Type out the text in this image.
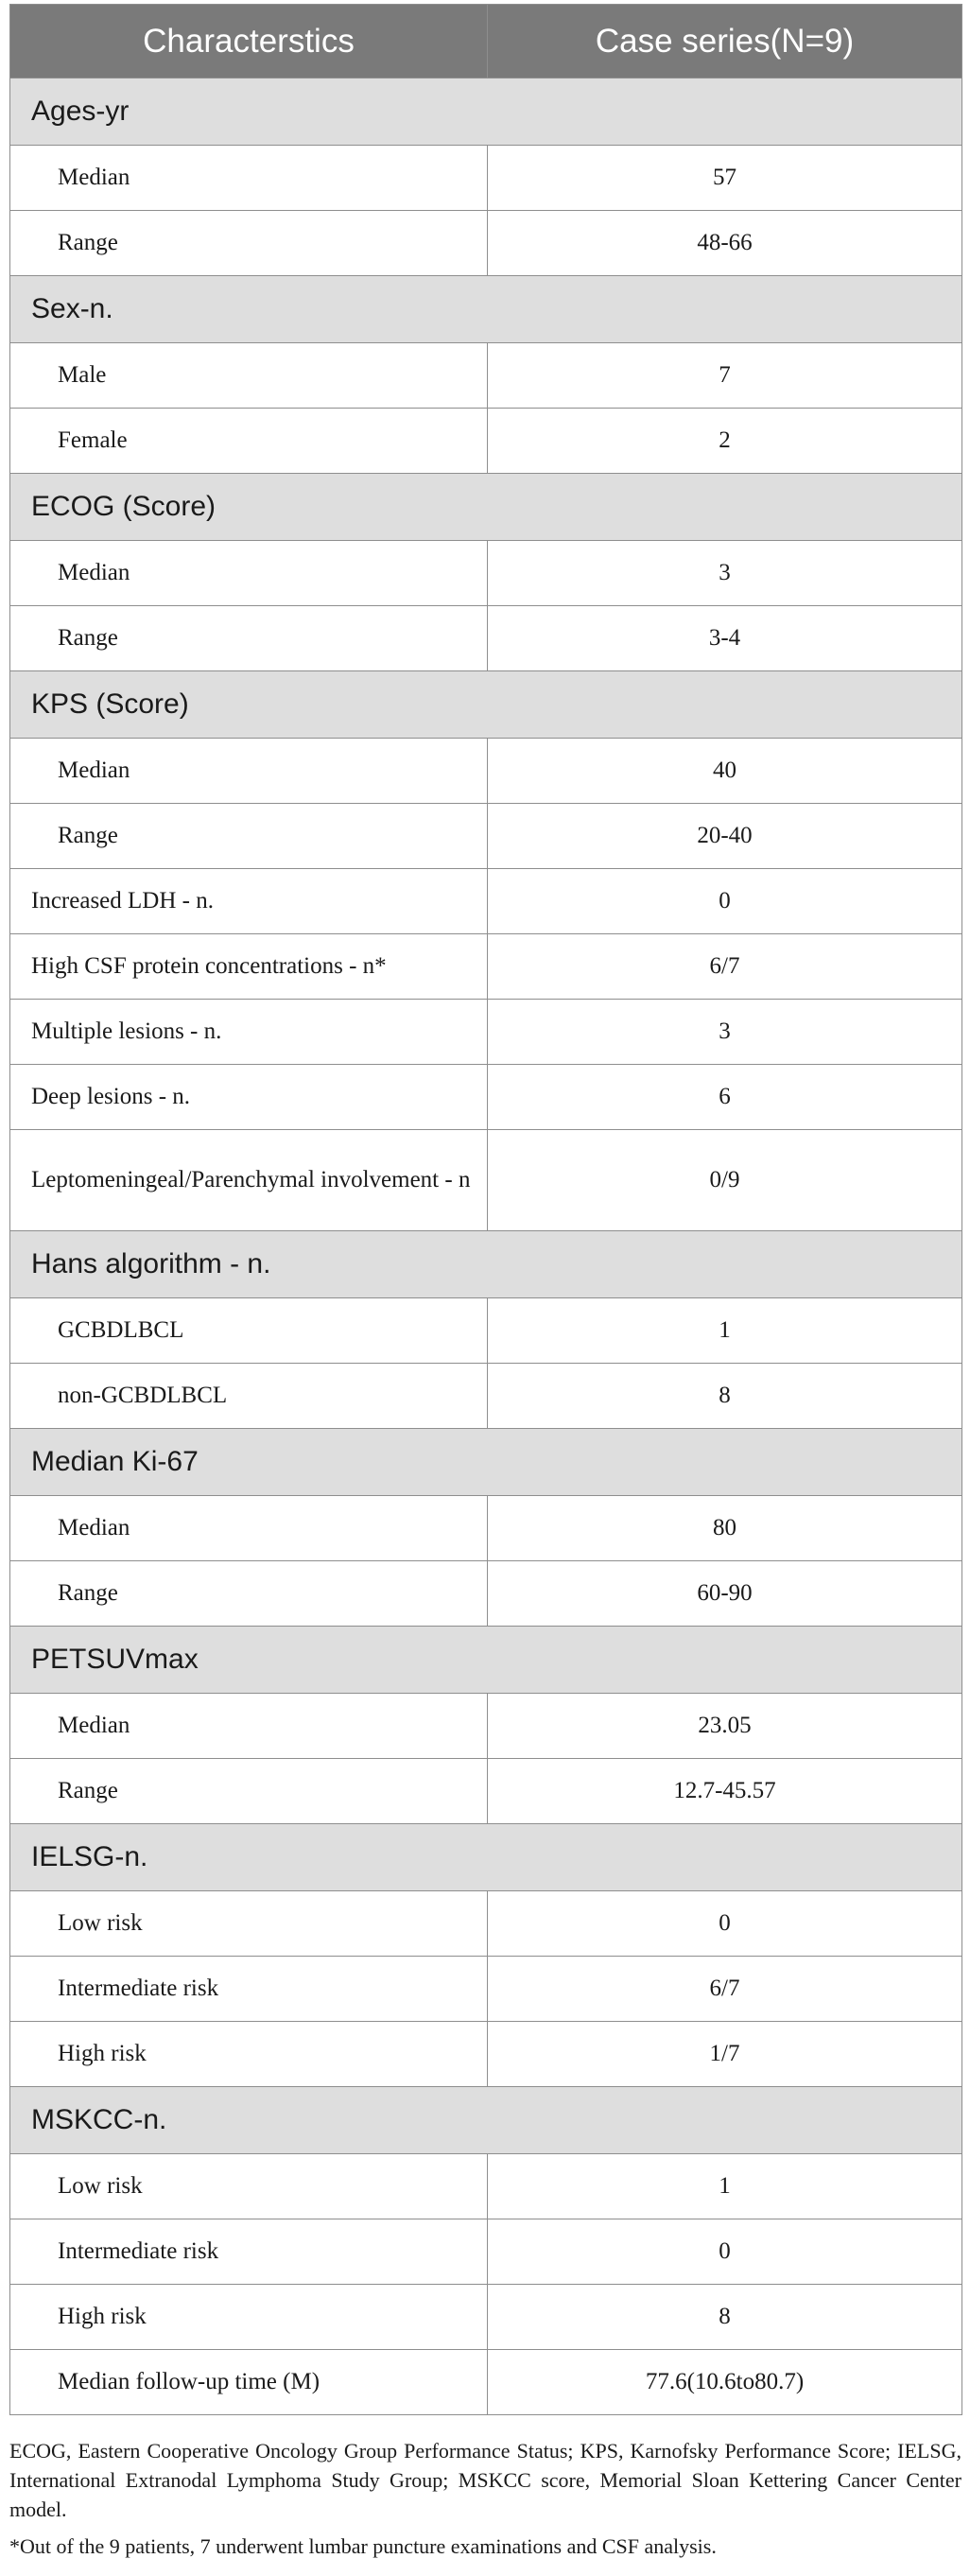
Characterstics	Case series(N=9)
Ages-yr	
Median	57
Range	48-66
Sex-n.	
Male	7
Female	2
ECOG (Score)	
Median	3
Range	3-4
KPS (Score)	
Median	40
Range	20-40
Increased LDH - n.	0
High CSF protein concentrations - n*	6/7
Multiple lesions - n.	3
Deep lesions - n.	6
Leptomeningeal/Parenchymal involvement - n	0/9
Hans algorithm - n.	
GCBDLBCL	1
non-GCBDLBCL	8
Median Ki-67	
Median	80
Range	60-90
PETSUVmax	
Median	23.05
Range	12.7-45.57
IELSG-n.	
Low risk	0
Intermediate risk	6/7
High risk	1/7
MSKCC-n.	
Low risk	1
Intermediate risk	0
High risk	8
Median follow-up time (M)	77.6(10.6to80.7)

ECOG, Eastern Cooperative Oncology Group Performance Status; KPS, Karnofsky Performance Score; IELSG, International Extranodal Lymphoma Study Group; MSKCC score, Memorial Sloan Kettering Cancer Center model.

*Out of the 9 patients, 7 underwent lumbar puncture examinations and CSF analysis.
